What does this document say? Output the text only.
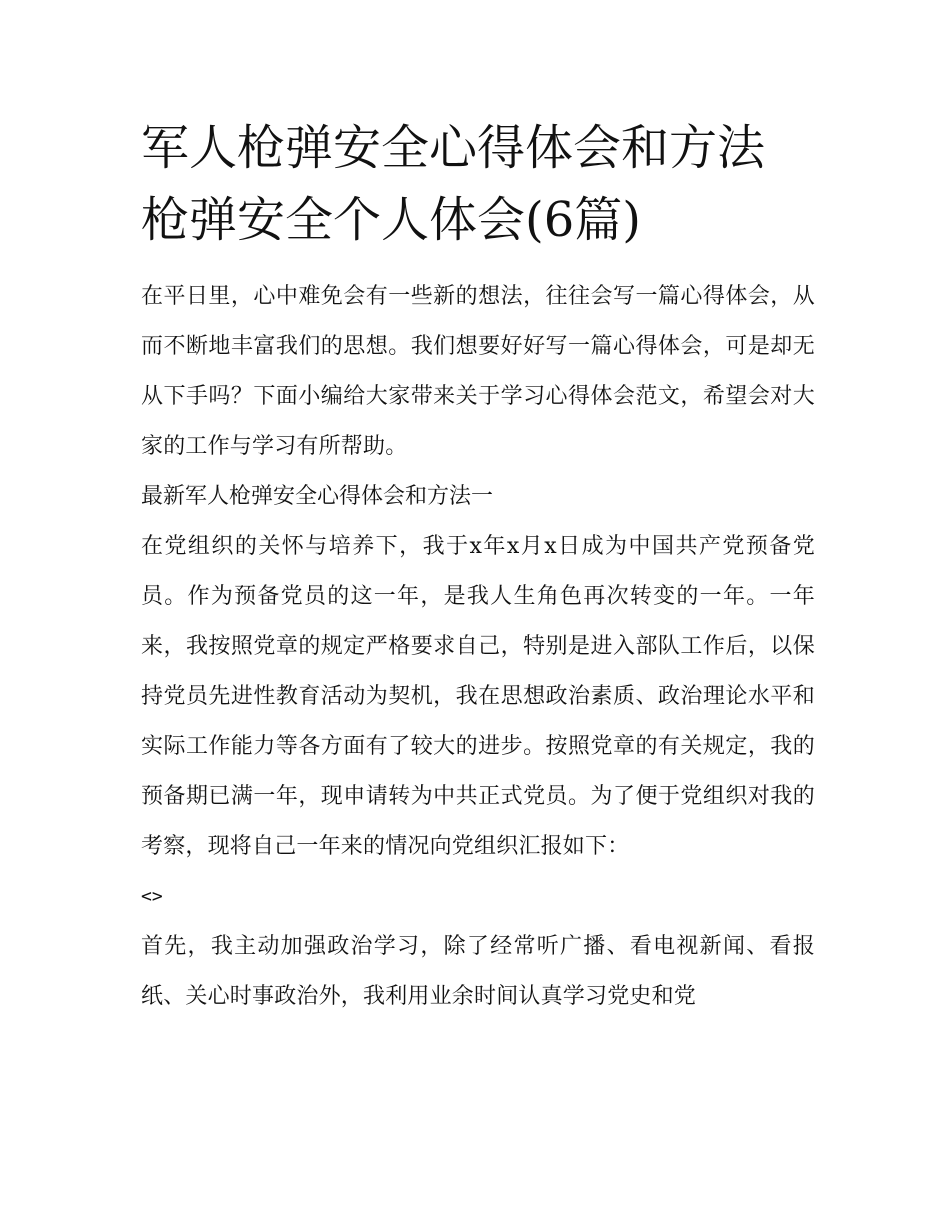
军人枪弹安全心得体会和方法
枪弹安全个人体会(6篇)

在平日里，心中难免会有一些新的想法，往往会写一篇心得体会，从而不断地丰富我们的思想。我们想要好好写一篇心得体会，可是却无从下手吗？下面小编给大家带来关于学习心得体会范文，希望会对大家的工作与学习有所帮助。

最新军人枪弹安全心得体会和方法一

在党组织的关怀与培养下，我于x年x月x日成为中国共产党预备党员。作为预备党员的这一年，是我人生角色再次转变的一年。一年来，我按照党章的规定严格要求自己，特别是进入部队工作后，以保持党员先进性教育活动为契机，我在思想政治素质、政治理论水平和实际工作能力等各方面有了较大的进步。按照党章的有关规定，我的预备期已满一年，现申请转为中共正式党员。为了便于党组织对我的考察，现将自己一年来的情况向党组织汇报如下：

<>

首先，我主动加强政治学习，除了经常听广播、看电视新闻、看报纸、关心时事政治外，我利用业余时间认真学习党史和党
